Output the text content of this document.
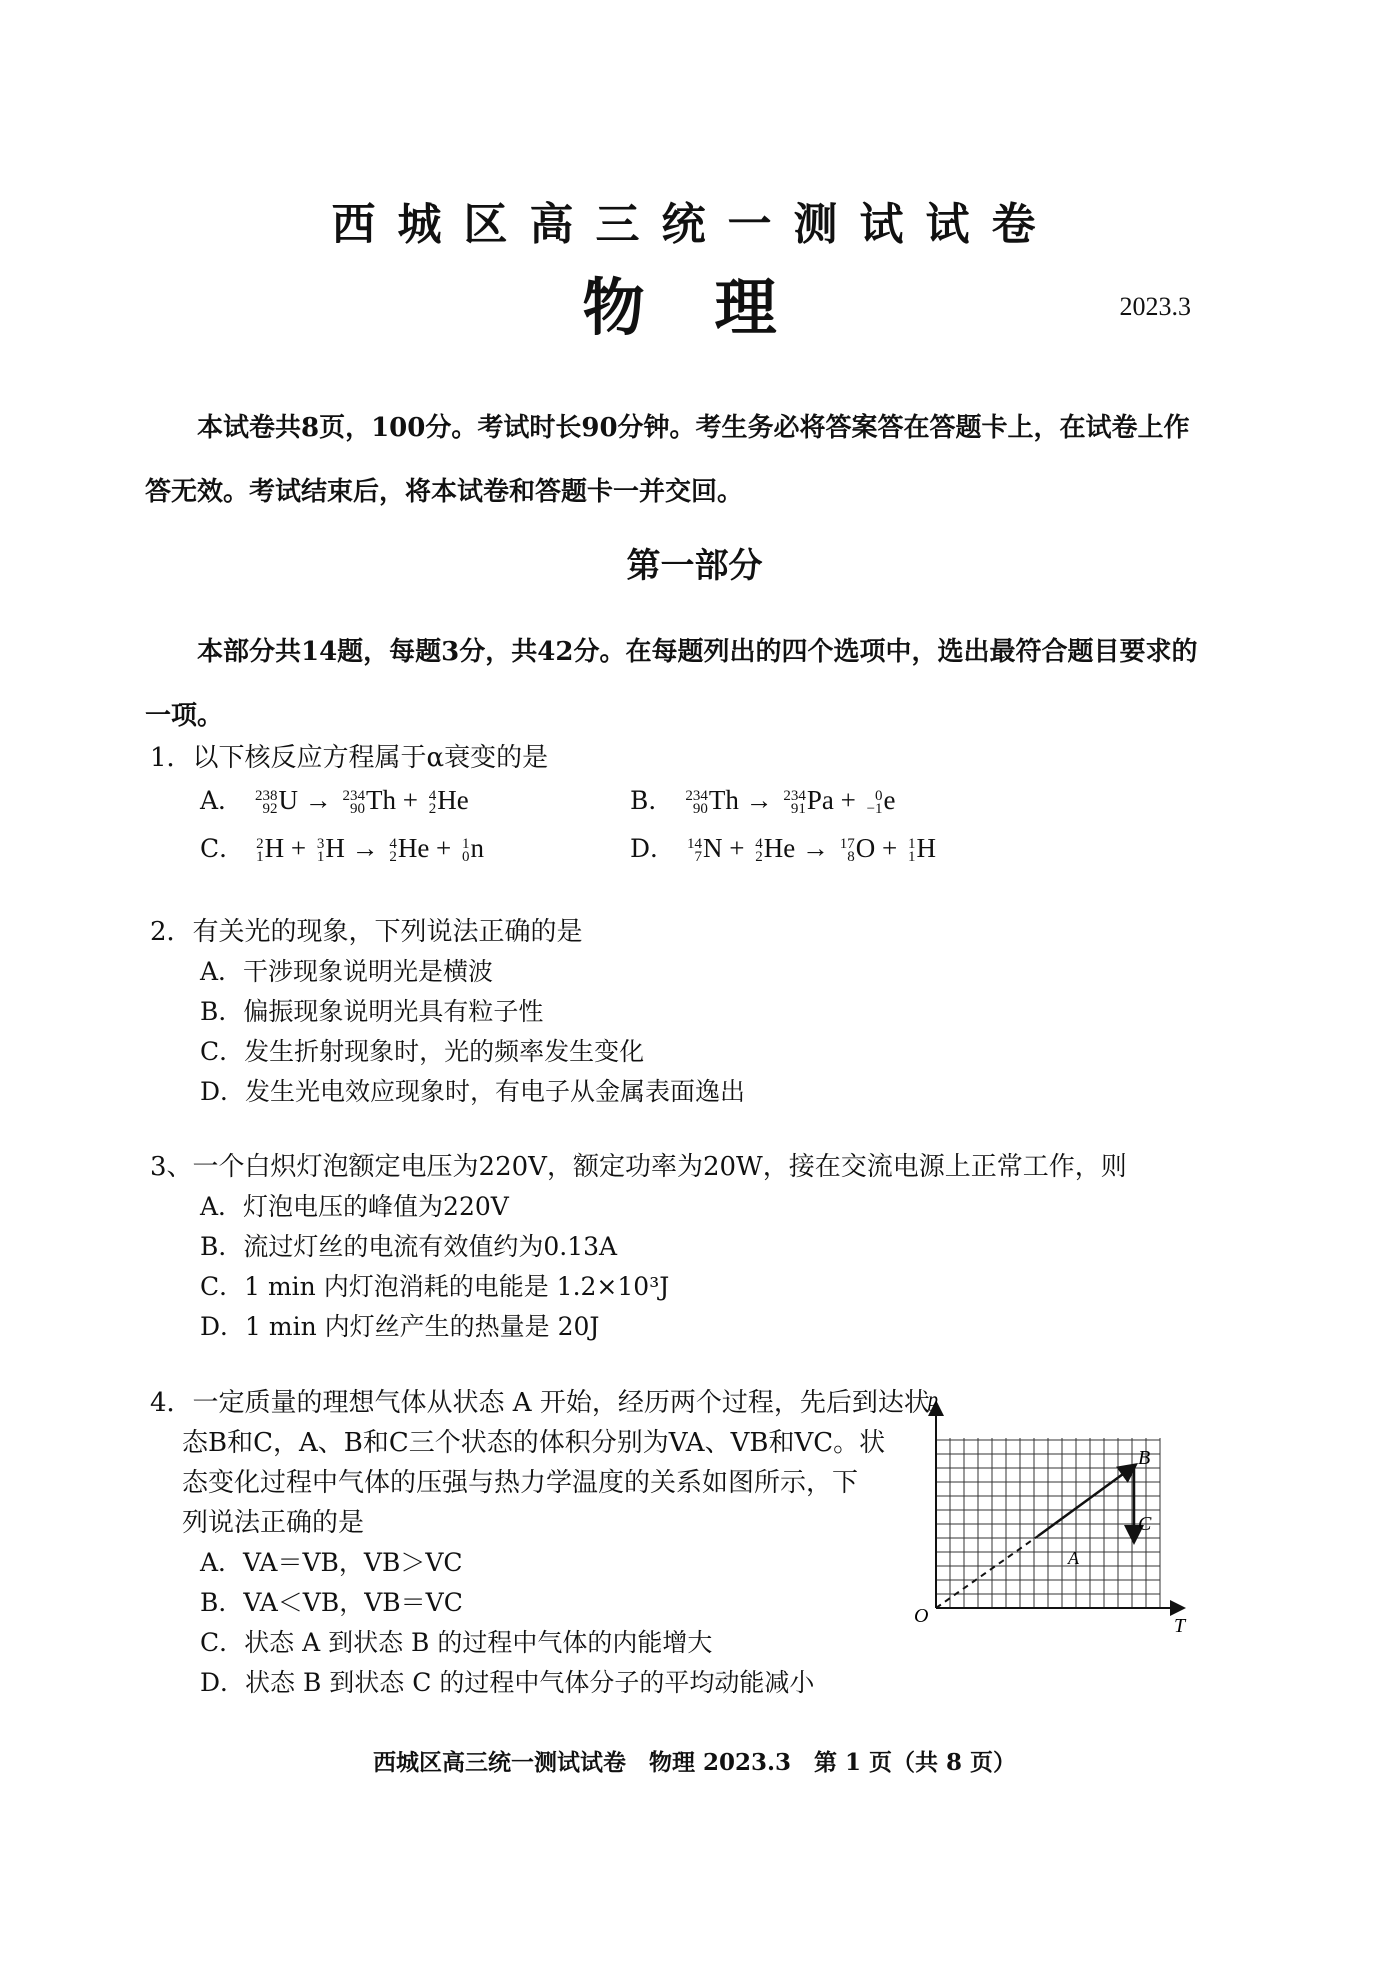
西城区高三统一测试试卷
物理	2023.3
本试卷共8页，100分。考试时长90分钟。考生务必将答案答在答题卡上，在试卷上作
答无效。考试结束后，将本试卷和答题卡一并交回。
第一部分
本部分共14题，每题3分，共42分。在每题列出的四个选项中，选出最符合题目要求的
一项。
1．以下核反应方程属于α衰变的是
A． 238
92 U → 234
90 Th + 4
2 He	B． 234
90 Th → 234
91 Pa + 0
−1 e
C． 2
1 H + 3
1 H → 4
2 He + 1
0 n	D． 14
7 N + 4
2 He → 17
8 O + 1
1 H
2．有关光的现象，下列说法正确的是
A．干涉现象说明光是横波
B．偏振现象说明光具有粒子性
C．发生折射现象时，光的频率发生变化
D．发生光电效应现象时，有电子从金属表面逸出
3、一个白炽灯泡额定电压为220V，额定功率为20W，接在交流电源上正常工作，则
A．灯泡电压的峰值为220V
B．流过灯丝的电流有效值约为0.13A
C．1 min 内灯泡消耗的电能是 1.2×10³J
D．1 min 内灯丝产生的热量是 20J
4．一定质量的理想气体从状态 A 开始，经历两个过程，先后到达状
态B和C，A、B和C三个状态的体积分别为VA、VB和VC。状
态变化过程中气体的压强与热力学温度的关系如图所示，下
列说法正确的是
A．VA＝VB，VB＞VC
B．VA＜VB，VB＝VC
C．状态 A 到状态 B 的过程中气体的内能增大
D．状态 B 到状态 C 的过程中气体分子的平均动能减小
p
T
O
B
C
A
西城区高三统一测试试卷　物理 2023.3　第 1 页（共 8 页）
